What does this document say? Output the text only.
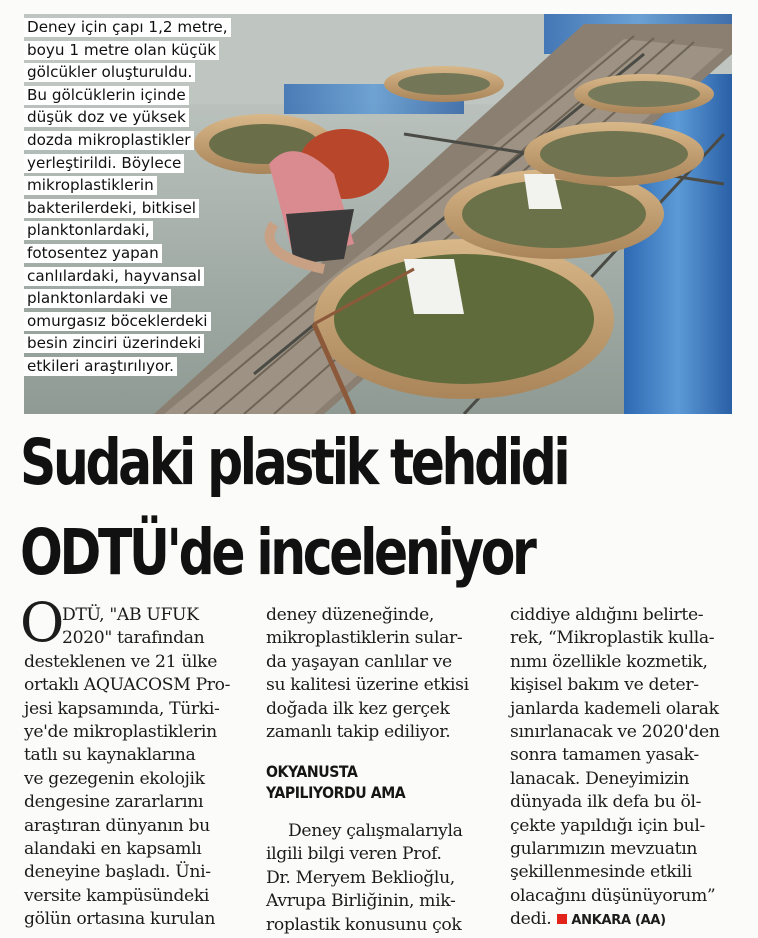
Deney için çapı 1,2 metre,
boyu 1 metre olan küçük
gölcükler oluşturuldu.
Bu gölcüklerin içinde
düşük doz ve yüksek
dozda mikroplastikler
yerleştirildi. Böylece
mikroplastiklerin
bakterilerdeki, bitkisel
planktonlardaki,
fotosentez yapan
canlılardaki, hayvansal
planktonlardaki ve
omurgasız böceklerdeki
besin zinciri üzerindeki
etkileri araştırılıyor.
Sudaki plastik tehdidi
ODTÜ'de inceleniyor
O
DTÜ, "AB UFUK
2020" tarafından
desteklenen ve 21 ülke
ortaklı AQUACOSM Pro-
jesi kapsamında, Türki-
ye'de mikroplastiklerin
tatlı su kaynaklarına
ve gezegenin ekolojik
dengesine zararlarını
araştıran dünyanın bu
alandaki en kapsamlı
deneyine başladı. Üni-
versite kampüsündeki
gölün ortasına kurulan
deney düzeneğinde,
mikroplastiklerin sular-
da yaşayan canlılar ve
su kalitesi üzerine etkisi
doğada ilk kez gerçek
zamanlı takip ediliyor.
OKYANUSTA
YAPILIYORDU AMA
Deney çalışmalarıyla
ilgili bilgi veren Prof.
Dr. Meryem Beklioğlu,
Avrupa Birliğinin, mik-
roplastik konusunu çok
ciddiye aldığını belirte-
rek, “Mikroplastik kulla-
nımı özellikle kozmetik,
kişisel bakım ve deter-
janlarda kademeli olarak
sınırlanacak ve 2020'den
sonra tamamen yasak-
lanacak. Deneyimizin
dünyada ilk defa bu öl-
çekte yapıldığı için bul-
gularımızın mevzuatın
şekillenmesinde etkili
olacağını düşünüyorum”
dedi. ANKARA (AA)
